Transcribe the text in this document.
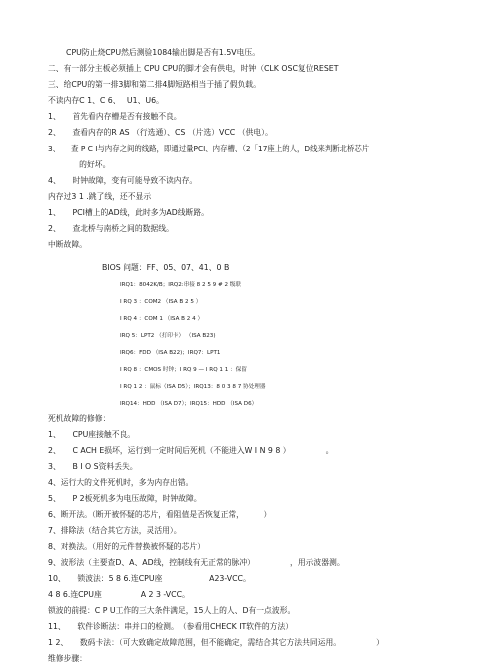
CPU防止烧CPU然后测验1084输出脚是否有1.5V电压。
二、有一部分主板必须插上 CPU CPU的脚才会有供电，时钟（CLK OSC复位RESET
三、给CPU的第一排3脚和第二排4脚短路相当于插了假负载。
不读内存C 1、C 6、　 U1、U6。
1、　　首先看内存槽是否有接触不良。
2、　　查看内存的R AS （行选通）、CS （片选）VCC （供电）。
3、　　查 P C I与内存之间的线路，即通过量PCI、内存槽、（2「17座上的人，D线来判断北桥芯片
　　　　的好坏。
4、　　时钟故障，变有可能导致不读内存。
内存过3 1 .跳了线，还不显示
1、　　PCI槽上的AD线，此时多为AD线断路。
2、　　查北桥与南桥之间的数据线。
中断故障。
BIOS 问题：FF、05、07、41、0 B
IRQ1：8042K/B；IRQ2:串接 8 2 5 9 # 2 级联
I RQ 3 ：COM2 （ISA B 2 5 ）
I RQ 4 ：COM 1 （ISA B 2 4 ）
IRQ 5：LPT2 （打印卡） （ISA B23)
IRQ6：FDD （ISA B22)；IRQ7：LPT1
I RQ 8 ：CMOS 时钟；I RQ 9 — I RQ 1 1 ：保留
I RQ 1 2 ：鼠标（ISA D5）；IRQ13：8 0 3 8 7 协处理器
IRQ14：HDD （ISA D7）；IRQ15：HDD （ISA D6）
死机故障的修修：
1、　　CPU座接触不良。
2、　　C ACH E损坏，运行到一定时间后死机（不能进入W I N 9 8 ）　　　　　。
3、　　B I O S资料丢失。
4、运行大的文件死机时，多为内存出错。
5、　　P 2板死机多为电压故障，时钟故障。
6、断开法。（断开被怀疑的芯片，看阻值是否恢复正常，　　　）
7、排除法（结合其它方法，灵活用）。
8、对换法。（用好的元件替换被怀疑的芯片）
9、波形法（主要查D、A、AD线，控制线有无正常的脉冲）　　　　　，用示波器测。
10、　　锁波法：5 8 6.连CPU座　　　　　　A23-VCC。
4 8 6.连CPU座　　　　　A 2 3 -VCC。
锁波的前提：C P U工作的三大条件满足，15人上的人、D有一点波形。
11、　　软件诊断法：串并口的检测。　（参看用CHECK IT软件的方法）
1 2、　　数码卡法：（可大致确定故障范围，但不能确定，需结合其它方法共同运用。　　　　　）
维修步骤：
